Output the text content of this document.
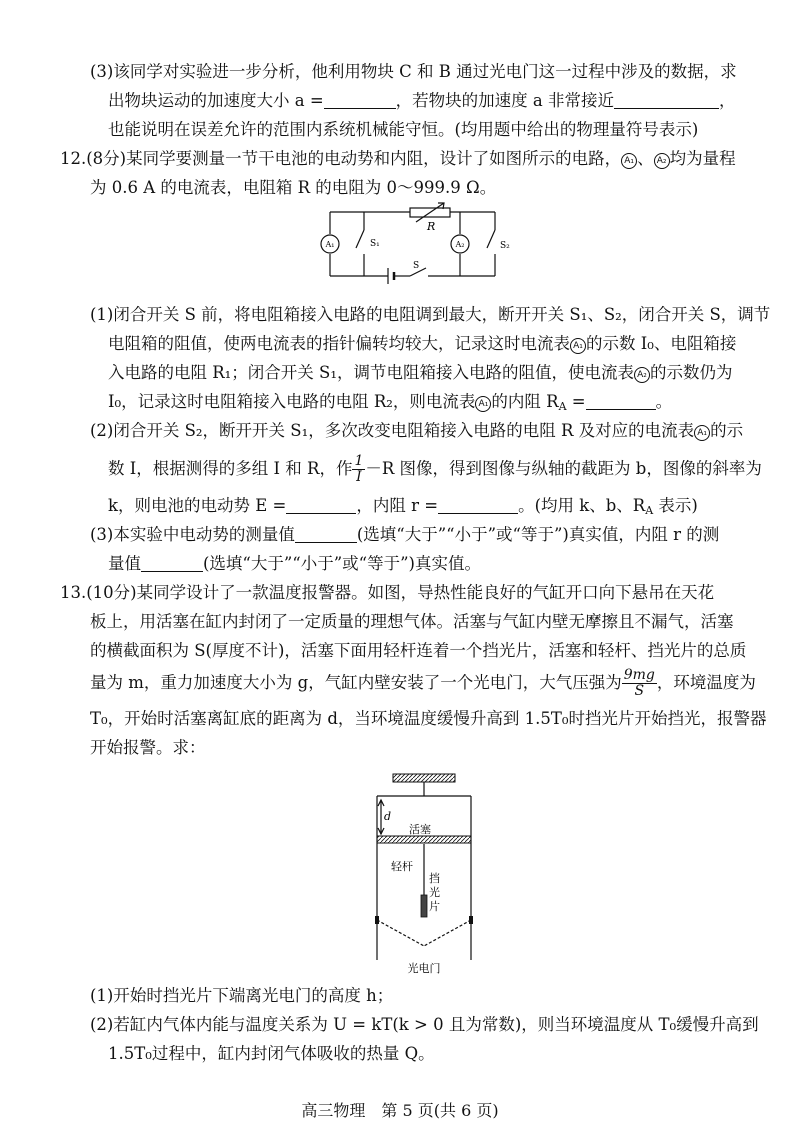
(3)该同学对实验进一步分析，他利用物块 C 和 B 通过光电门这一过程中涉及的数据，求
出物块运动的加速度大小 a =	，若物块的加速度 a 非常接近	，
也能说明在误差允许的范围内系统机械能守恒。(均用题中给出的物理量符号表示)
12.(8分)某同学要测量一节干电池的电动势和内阻，设计了如图所示的电路， A₁ 、 A₂ 均为量程
为 0.6 A 的电流表，电阻箱 R 的电阻为 0～999.9 Ω。
R
A₁	A₂
S₁	S₂
S
(1)闭合开关 S 前，将电阻箱接入电路的电阻调到最大，断开开关 S₁、S₂，闭合开关 S，调节
电阻箱的阻值，使两电流表的指针偏转均较大，记录这时电流表 A₁ 的示数 I₀、电阻箱接
入电路的电阻 R₁；闭合开关 S₁，调节电阻箱接入电路的阻值，使电流表 A₂ 的示数仍为
I₀，记录这时电阻箱接入电路的电阻 R₂，则电流表 A₁ 的内阻 $R_A$ =	。
(2)闭合开关 S₂，断开开关 S₁，多次改变电阻箱接入电路的电阻 R 及对应的电流表 A₁ 的示
数 I，根据测得的多组 I 和 R，作 $\frac{1}{I} -R$ 图像，得到图像与纵轴的截距为 b，图像的斜率为
k，则电池的电动势 E =	，内阻 r =	。(均用 k、b、$R_A$ 表示)
(3)本实验中电动势的测量值	(选填“大于”“小于”或“等于”)真实值，内阻 r 的测
量值	(选填“大于”“小于”或“等于”)真实值。
13.(10分)某同学设计了一款温度报警器。如图，导热性能良好的气缸开口向下悬吊在天花
板上，用活塞在缸内封闭了一定质量的理想气体。活塞与气缸内壁无摩擦且不漏气，活塞
的横截面积为 S(厚度不计)，活塞下面用轻杆连着一个挡光片，活塞和轻杆、挡光片的总质
量为 m，重力加速度大小为 g，气缸内壁安装了一个光电门，大气压强为 $\frac{9mg}{S}$ ，环境温度为
T₀，开始时活塞离缸底的距离为 d，当环境温度缓慢升高到 1.5T₀时挡光片开始挡光，报警器
开始报警。求：
d
活塞
轻杆
挡
光
片
光电门
(1)开始时挡光片下端离光电门的高度 h；
(2)若缸内气体内能与温度关系为 U = kT(k > 0 且为常数)，则当环境温度从 T₀缓慢升高到
1.5T₀过程中，缸内封闭气体吸收的热量 Q。
高三物理　第 5 页(共 6 页)
